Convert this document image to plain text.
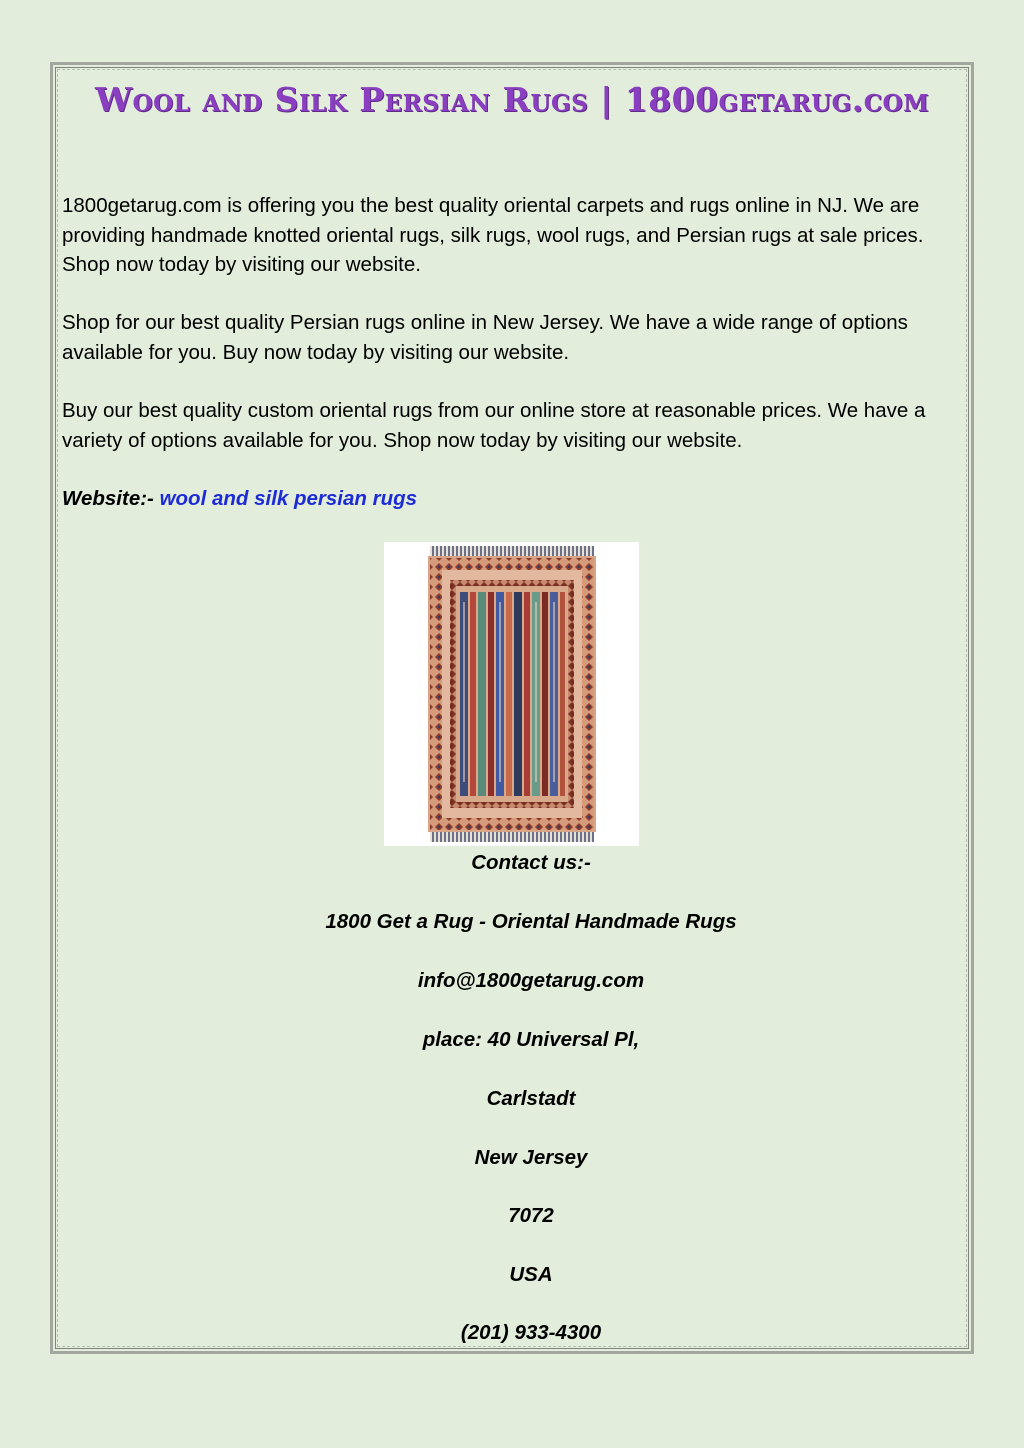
Wool and Silk Persian Rugs | 1800getarug.com

1800getarug.com is offering you the best quality oriental carpets and rugs online in NJ. We are providing handmade knotted oriental rugs, silk rugs, wool rugs, and Persian rugs at sale prices. Shop now today by visiting our website.

Shop for our best quality Persian rugs online in New Jersey. We have a wide range of options available for you. Buy now today by visiting our website.

Buy our best quality custom oriental rugs from our online store at reasonable prices. We have a variety of options available for you. Shop now today by visiting our website.

Website:- wool and silk persian rugs
Contact us:-
1800 Get a Rug - Oriental Handmade Rugs
info@1800getarug.com
place: 40 Universal Pl,
Carlstadt
New Jersey
7072
USA
(201) 933-4300
